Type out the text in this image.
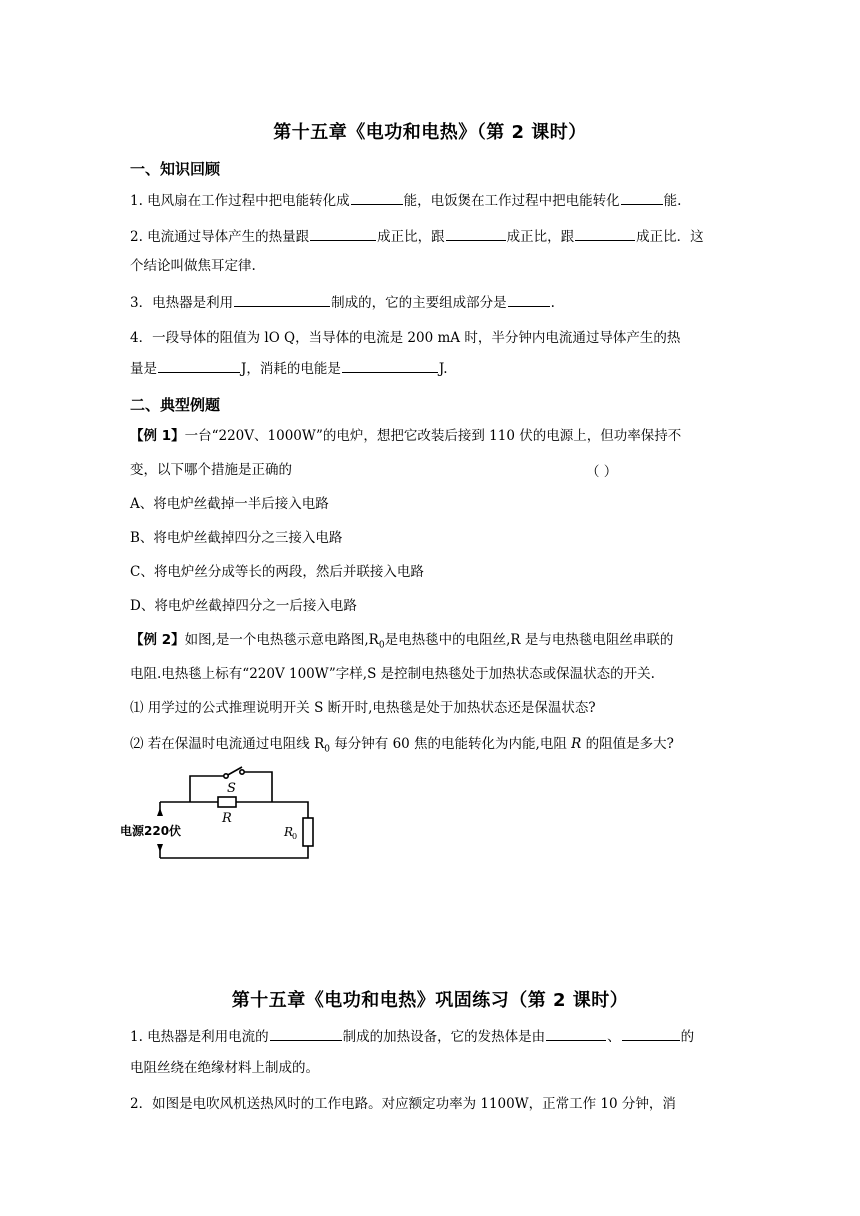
第十五章《电功和电热》（第 2 课时）
一、知识回顾
1. 电风扇在工作过程中把电能转化成	能，电饭煲在工作过程中把电能转化	能.
2. 电流通过导体产生的热量跟	成正比，跟	成正比，跟	成正比．这
个结论叫做焦耳定律.
3．电热器是利用	制成的，它的主要组成部分是	.
4．一段导体的阻值为 lO Q，当导体的电流是 200 mA 时，半分钟内电流通过导体产生的热
量是	J，消耗的电能是	J.
二、典型例题
【例 1】一台“220V、1000W”的电炉，想把它改装后接到 110 伏的电源上，但功率保持不
变，以下哪个措施是正确的	（ ）
A、将电炉丝截掉一半后接入电路
B、将电炉丝截掉四分之三接入电路
C、将电炉丝分成等长的两段，然后并联接入电路
D、将电炉丝截掉四分之一后接入电路
【例 2】如图,是一个电热毯示意电路图$,R_0$是电热毯中的电阻丝,R 是与电热毯电阻丝串联的
电阻.电热毯上标有“220V 100W”字样,S 是控制电热毯处于加热状态或保温状态的开关.
⑴ 用学过的公式推理说明开关 S 断开时,电热毯是处于加热状态还是保温状态?
⑵ 若在保温时电流通过电阻线 $R_0$ 每分钟有 60 焦的电能转化为内能,电阻 R 的阻值是多大?
S
R
R
0
电源220伏
第十五章《电功和电热》巩固练习（第 2 课时）
1. 电热器是利用电流的	制成的加热设备，它的发热体是由	、	的
电阻丝绕在绝缘材料上制成的。
2．如图是电吹风机送热风时的工作电路。对应额定功率为 1100W，正常工作 10 分钟，消
